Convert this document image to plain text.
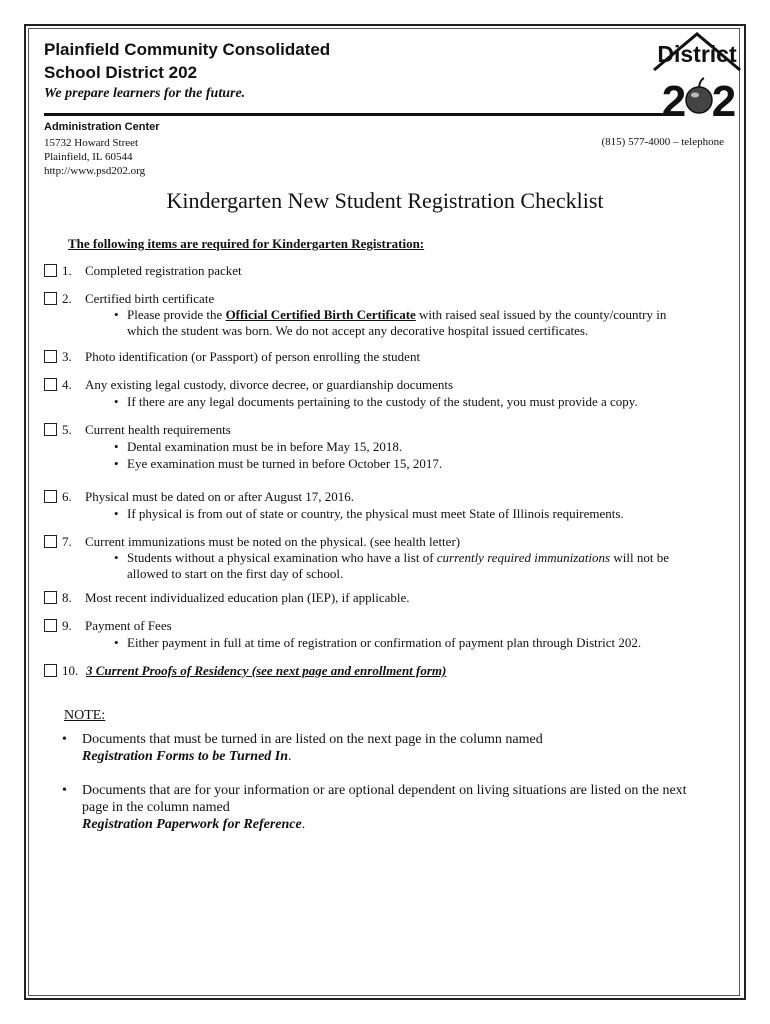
Plainfield Community Consolidated
School District 202
We prepare learners for the future.
District
2 2
Administration Center
15732 Howard Street
Plainfield, IL 60544
http://www.psd202.org
(815) 577-4000 – telephone
Kindergarten New Student Registration Checklist
The following items are required for Kindergarten Registration:
1. Completed registration packet
2. Certified birth certificate
• Please provide the Official Certified Birth Certificate with raised seal issued by the county/country in
which the student was born. We do not accept any decorative hospital issued certificates.
3. Photo identification (or Passport) of person enrolling the student
4. Any existing legal custody, divorce decree, or guardianship documents
• If there are any legal documents pertaining to the custody of the student, you must provide a copy.
5. Current health requirements
• Dental examination must be in before May 15, 2018.
• Eye examination must be turned in before October 15, 2017.
6. Physical must be dated on or after August 17, 2016.
• If physical is from out of state or country, the physical must meet State of Illinois requirements.
7. Current immunizations must be noted on the physical. (see health letter)
• Students without a physical examination who have a list of currently required immunizations will not be
allowed to start on the first day of school.
8. Most recent individualized education plan (IEP), if applicable.
9. Payment of Fees
• Either payment in full at time of registration or confirmation of payment plan through District 202.
10. 3 Current Proofs of Residency (see next page and enrollment form)
NOTE:
• Documents that must be turned in are listed on the next page in the column named
Registration Forms to be Turned In.
• Documents that are for your information or are optional dependent on living situations are listed on the next
page in the column named
Registration Paperwork for Reference.
